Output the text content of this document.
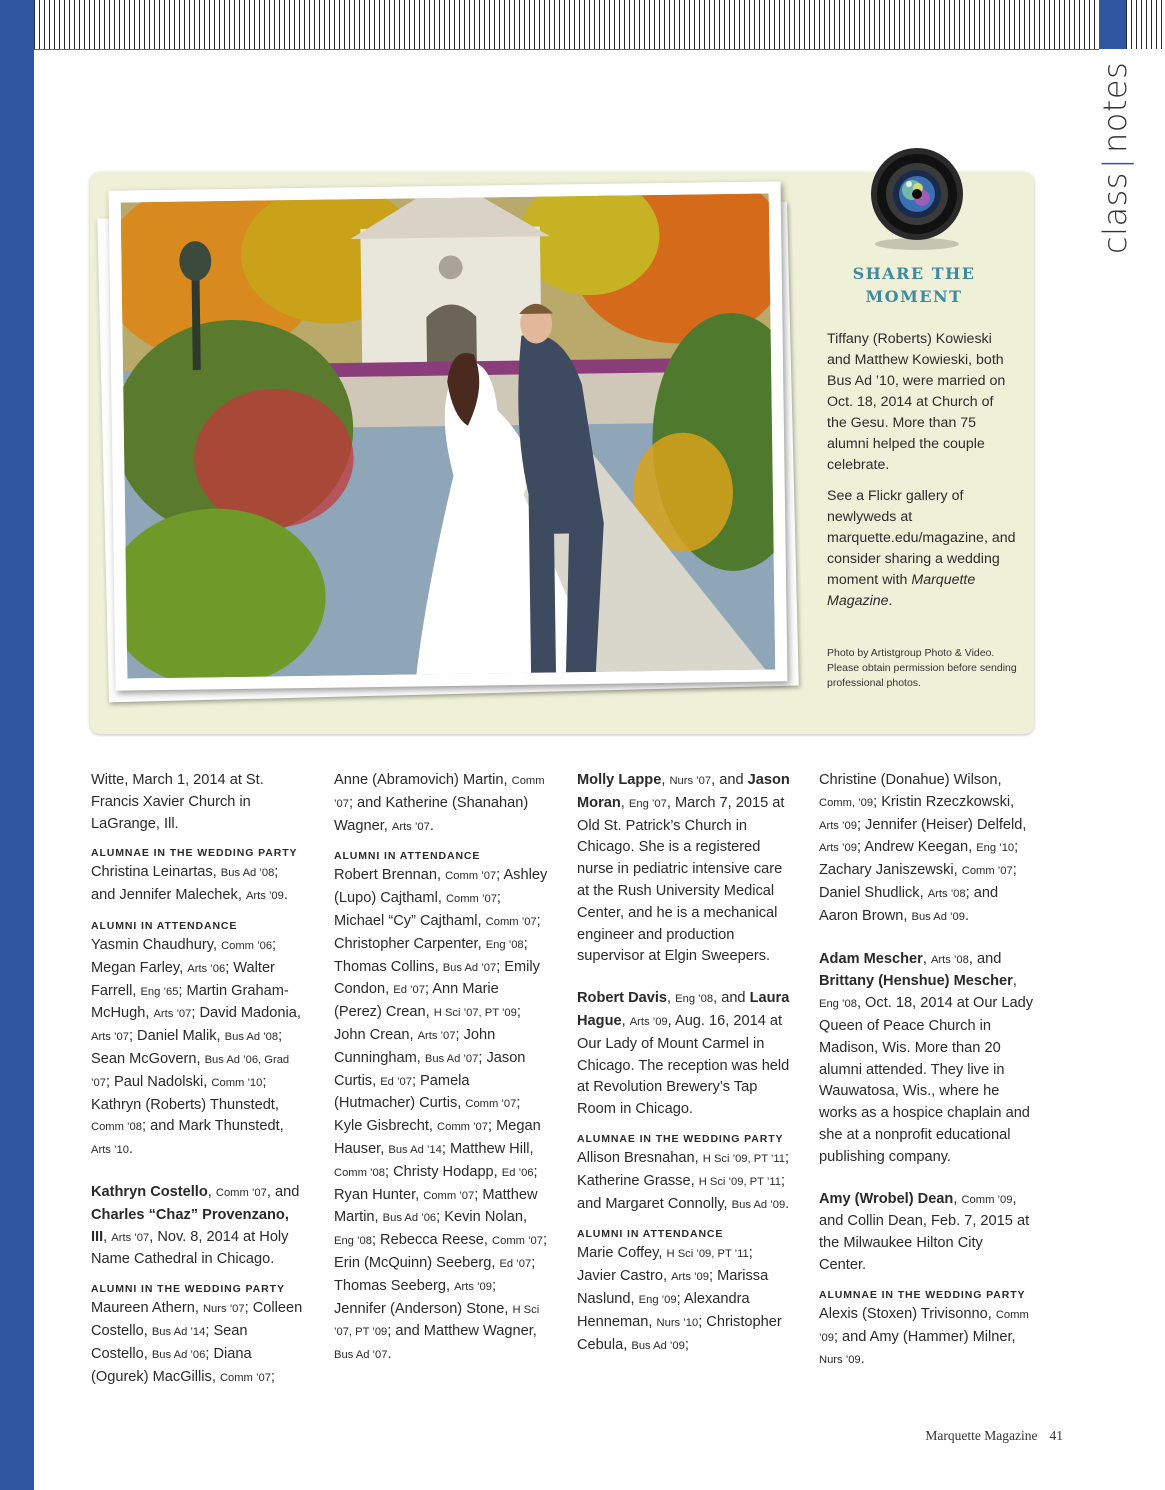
class
|
notes
SHARE THE MOMENT

Tiffany (Roberts) Kowieski and Matthew Kowieski, both Bus Ad ’10, were married on Oct. 18, 2014 at Church of the Gesu. More than 75 alumni helped the couple celebrate.

See a Flickr gallery of newlyweds at marquette.edu/magazine, and consider sharing a wedding moment with Marquette Magazine.

Photo by Artistgroup Photo & Video. Please obtain permission before sending professional photos.

Witte, March 1, 2014 at St. Francis Xavier Church in LaGrange, Ill.

ALUMNAE IN THE WEDDING PARTY

Christina Leinartas, Bus Ad ’08; and Jennifer Malechek, Arts ’09.

ALUMNI IN ATTENDANCE

Yasmin Chaudhury, Comm ’06; Megan Farley, Arts ’06; Walter Farrell, Eng ’65; Martin Graham-McHugh, Arts ’07; David Madonia, Arts ’07; Daniel Malik, Bus Ad ’08; Sean McGovern, Bus Ad ’06, Grad ’07; Paul Nadolski, Comm ’10; Kathryn (Roberts) Thunstedt, Comm ’08; and Mark Thunstedt, Arts ’10.

Kathryn Costello, Comm ’07, and Charles “Chaz” Provenzano, III, Arts ’07, Nov. 8, 2014 at Holy Name Cathedral in Chicago.

ALUMNI IN THE WEDDING PARTY

Maureen Athern, Nurs ’07; Colleen Costello, Bus Ad ’14; Sean Costello, Bus Ad ’06; Diana (Ogurek) MacGillis, Comm ’07;

Anne (Abramovich) Martin, Comm ’07; and Katherine (Shanahan) Wagner, Arts ’07.

ALUMNI IN ATTENDANCE

Robert Brennan, Comm ’07; Ashley (Lupo) Cajthaml, Comm ’07; Michael “Cy” Cajthaml, Comm ’07; Christopher Carpenter, Eng ’08; Thomas Collins, Bus Ad ’07; Emily Condon, Ed ’07; Ann Marie (Perez) Crean, H Sci ’07, PT ’09; John Crean, Arts ’07; John Cunningham, Bus Ad ’07; Jason Curtis, Ed ’07; Pamela (Hutmacher) Curtis, Comm ’07; Kyle Gisbrecht, Comm ’07; Megan Hauser, Bus Ad ’14; Matthew Hill, Comm ’08; Christy Hodapp, Ed ’06; Ryan Hunter, Comm ’07; Matthew Martin, Bus Ad ’06; Kevin Nolan, Eng ’08; Rebecca Reese, Comm ’07; Erin (McQuinn) Seeberg, Ed ’07; Thomas Seeberg, Arts ’09; Jennifer (Anderson) Stone, H Sci ’07, PT ’09; and Matthew Wagner, Bus Ad ’07.

Molly Lappe, Nurs ’07, and Jason Moran, Eng ’07, March 7, 2015 at Old St. Patrick’s Church in Chicago. She is a registered nurse in pediatric intensive care at the Rush University Medical Center, and he is a mechanical engineer and production supervisor at Elgin Sweepers.

Robert Davis, Eng ’08, and Laura Hague, Arts ’09, Aug. 16, 2014 at Our Lady of Mount Carmel in Chicago. The reception was held at Revolution Brewery’s Tap Room in Chicago.

ALUMNAE IN THE WEDDING PARTY

Allison Bresnahan, H Sci ’09, PT ’11; Katherine Grasse, H Sci ’09, PT ’11; and Margaret Connolly, Bus Ad ’09.

ALUMNI IN ATTENDANCE

Marie Coffey, H Sci ’09, PT ’11; Javier Castro, Arts ’09; Marissa Naslund, Eng ’09; Alexandra Henneman, Nurs ’10; Christopher Cebula, Bus Ad ’09;

Christine (Donahue) Wilson, Comm, ’09; Kristin Rzeczkowski, Arts ’09; Jennifer (Heiser) Delfeld, Arts ’09; Andrew Keegan, Eng ’10; Zachary Janiszewski, Comm ’07; Daniel Shudlick, Arts ’08; and Aaron Brown, Bus Ad ’09.

Adam Mescher, Arts ’08, and Brittany (Henshue) Mescher, Eng ’08, Oct. 18, 2014 at Our Lady Queen of Peace Church in Madison, Wis. More than 20 alumni attended. They live in Wauwatosa, Wis., where he works as a hospice chaplain and she at a nonprofit educational publishing company.

Amy (Wrobel) Dean, Comm ’09, and Collin Dean, Feb. 7, 2015 at the Milwaukee Hilton City Center.

ALUMNAE IN THE WEDDING PARTY

Alexis (Stoxen) Trivisonno, Comm ’09; and Amy (Hammer) Milner, Nurs ’09.

Marquette Magazine 41
